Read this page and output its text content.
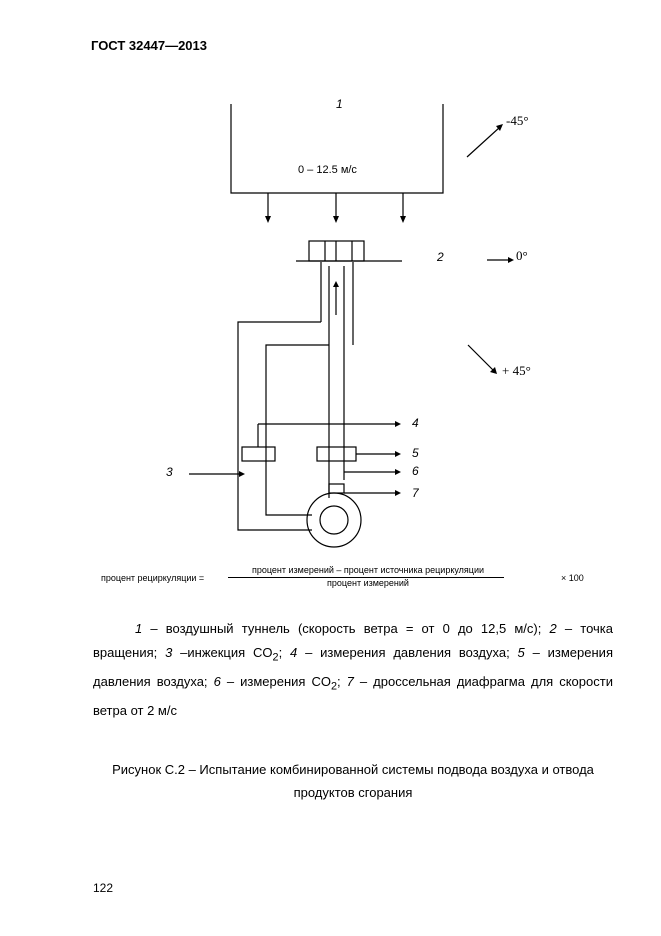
ГОСТ 32447—2013
1
0 – 12.5 м/с
-45°
2	0°
+ 45°
4
5
6
7
3
процент рециркуляции =
процент измерений – процент источника рециркуляции
процент измерений	× 100

1 – воздушный туннель (скорость ветра = от 0 до 12,5 м/с); 2 – точка вращения; 3 –инжекция $CO_2$; 4 – измерения давления воздуха; 5 – измерения давления воздуха; 6 – измерения $CO_2$; 7 – дроссельная диафрагма для скорости ветра от 2 м/с

Рисунок С.2 – Испытание комбинированной системы подвода воздуха и отвода
продуктов сгорания
122
